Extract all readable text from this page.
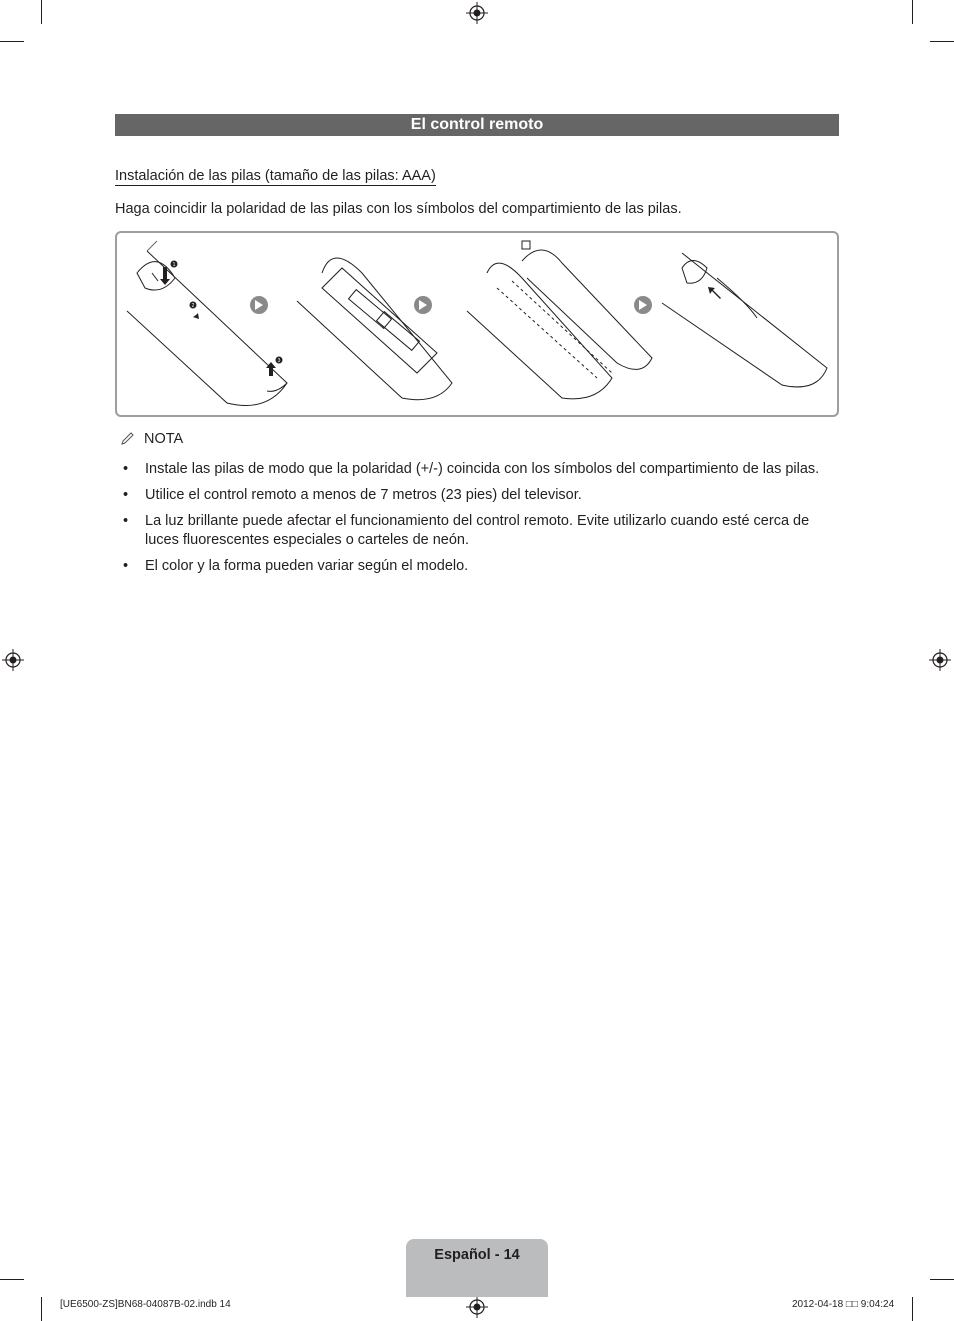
El control remoto
Instalación de las pilas (tamaño de las pilas: AAA)
Haga coincidir la polaridad de las pilas con los símbolos del compartimiento de las pilas.
1
2
3
NOTA
• Instale las pilas de modo que la polaridad (+/-) coincida con los símbolos del compartimiento de las pilas.
• Utilice el control remoto a menos de 7 metros (23 pies) del televisor.
• La luz brillante puede afectar el funcionamiento del control remoto. Evite utilizarlo cuando esté cerca de luces fluorescentes especiales o carteles de neón.
• El color y la forma pueden variar según el modelo.
Español - 14
[UE6500-ZS]BN68-04087B-02.indb 14	2012-04-18 □□ 9:04:24
